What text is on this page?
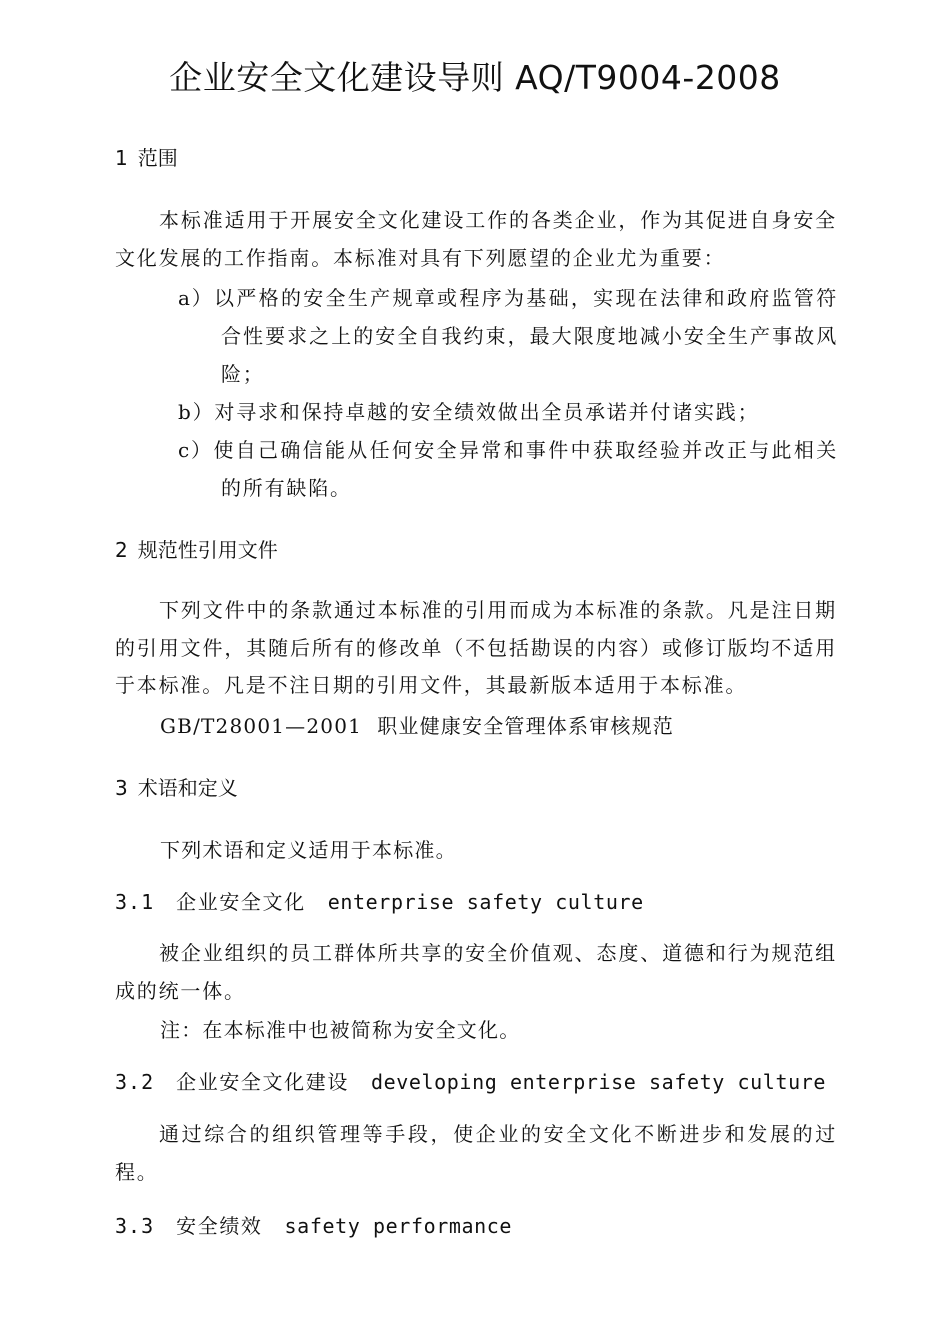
企业安全文化建设导则 AQ/T9004-2008
1 范围
本标准适用于开展安全文化建设工作的各类企业，作为其促进自身安全文化发展的工作指南。本标准对具有下列愿望的企业尤为重要：
a）以严格的安全生产规章或程序为基础，实现在法律和政府监管符合性要求之上的安全自我约束，最大限度地减小安全生产事故风险；
b）对寻求和保持卓越的安全绩效做出全员承诺并付诸实践；
c）使自己确信能从任何安全异常和事件中获取经验并改正与此相关的所有缺陷。
2 规范性引用文件
下列文件中的条款通过本标准的引用而成为本标准的条款。凡是注日期的引用文件，其随后所有的修改单（不包括勘误的内容）或修订版均不适用于本标准。凡是不注日期的引用文件，其最新版本适用于本标准。
GB/T28001—2001  职业健康安全管理体系审核规范
3 术语和定义
下列术语和定义适用于本标准。
3.1 企业安全文化 enterprise safety culture
被企业组织的员工群体所共享的安全价值观、态度、道德和行为规范组成的统一体。
注：在本标准中也被简称为安全文化。
3.2 企业安全文化建设 developing enterprise safety culture
通过综合的组织管理等手段，使企业的安全文化不断进步和发展的过程。
3.3 安全绩效 safety performance
